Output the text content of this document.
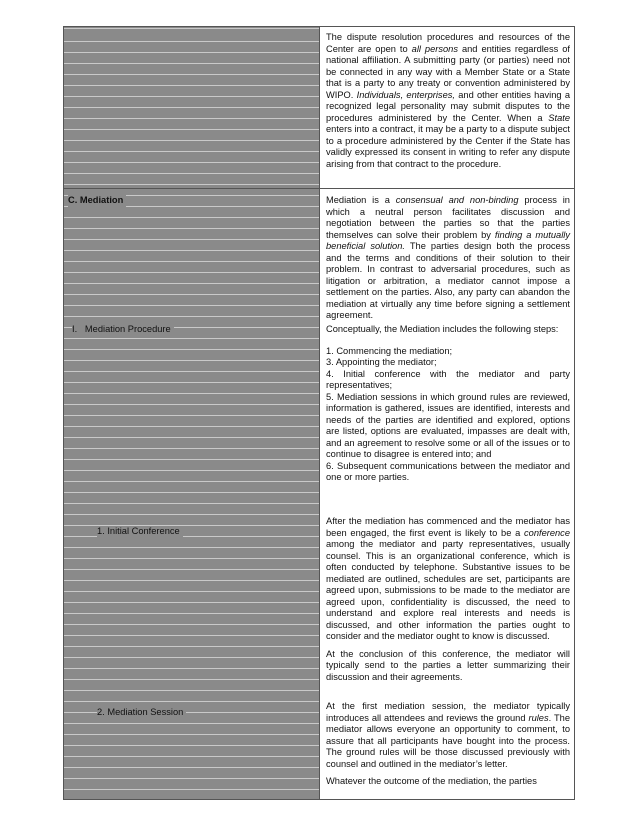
The dispute resolution procedures and resources of the Center are open to all persons and entities regardless of national affiliation. A submitting party (or parties) need not be connected in any way with a Member State or a State that is a party to any treaty or convention administered by WIPO. Individuals, enterprises, and other entities having a recognized legal personality may submit disputes to the procedures administered by the Center. When a State enters into a contract, it may be a party to a dispute subject to a procedure administered by the Center if the State has validly expressed its consent in writing to refer any dispute arising from that contract to the procedure.

C. Mediation
I.   Mediation Procedure
1. Initial Conference
2. Mediation Session

Mediation is a consensual and non-binding process in which a neutral person facilitates discussion and negotiation between the parties so that the parties themselves can solve their problem by finding a mutually beneficial solution. The parties design both the process and the terms and conditions of their solution to their problem. In contrast to adversarial procedures, such as litigation or arbitration, a mediator cannot impose a settlement on the parties. Also, any party can abandon the mediation at virtually any time before signing a settlement agreement.

Conceptually, the Mediation includes the following steps:

1. Commencing the mediation;

3. Appointing the mediator;

4. Initial conference with the mediator and party representatives;

5. Mediation sessions in which ground rules are reviewed, information is gathered, issues are identified, interests and needs of the parties are identified and explored, options are listed, options are evaluated, impasses are dealt with, and an agreement to resolve some or all of the issues or to continue to disagree is entered into; and

6. Subsequent communications between the mediator and one or more parties.

After the mediation has commenced and the mediator has been engaged, the first event is likely to be a conference among the mediator and party representatives, usually counsel. This is an organizational conference, which is often conducted by telephone. Substantive issues to be mediated are outlined, schedules are set, participants are agreed upon, submissions to be made to the mediator are agreed upon, confidentiality is discussed, the need to understand and explore real interests and needs is discussed, and other information the parties ought to consider and the mediator ought to know is discussed.

At the conclusion of this conference, the mediator will typically send to the parties a letter summarizing their discussion and their agreements.

At the first mediation session, the mediator typically introduces all attendees and reviews the ground rules. The mediator allows everyone an opportunity to comment, to assure that all participants have bought into the process. The ground rules will be those discussed previously with counsel and outlined in the mediator’s letter.

Whatever the outcome of the mediation, the parties
